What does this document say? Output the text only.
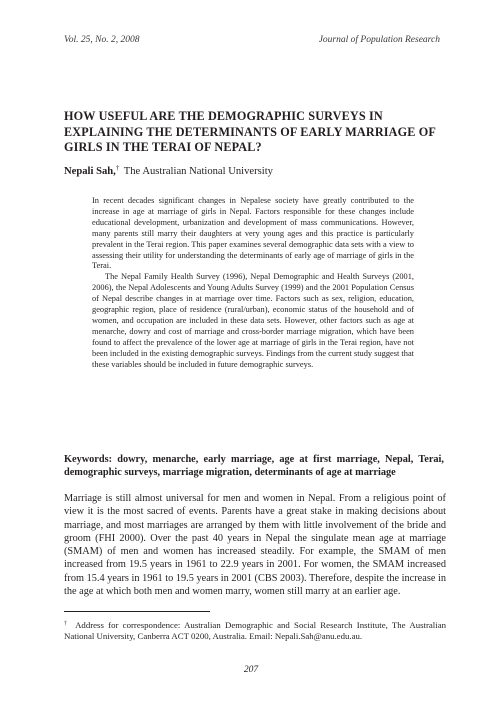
Vol. 25, No. 2, 2008	Journal of Population Research
HOW USEFUL ARE THE DEMOGRAPHIC SURVEYS IN EXPLAINING THE DETERMINANTS OF EARLY MARRIAGE OF GIRLS IN THE TERAI OF NEPAL?
Nepali Sah,† The Australian National University

In recent decades significant changes in Nepalese society have greatly contributed to the increase in age at marriage of girls in Nepal. Factors responsible for these changes include educational development, urbanization and development of mass communications. However, many parents still marry their daughters at very young ages and this practice is particularly prevalent in the Terai region. This paper examines several demographic data sets with a view to assessing their utility for understanding the determinants of early age of marriage of girls in the Terai.

The Nepal Family Health Survey (1996), Nepal Demographic and Health Surveys (2001, 2006), the Nepal Adolescents and Young Adults Survey (1999) and the 2001 Population Census of Nepal describe changes in at marriage over time. Factors such as sex, religion, education, geographic region, place of residence (rural/urban), economic status of the household and of women, and occupation are included in these data sets. However, other factors such as age at menarche, dowry and cost of marriage and cross-border marriage migration, which have been found to affect the prevalence of the lower age at marriage of girls in the Terai region, have not been included in the existing demographic surveys. Findings from the current study suggest that these variables should be included in future demographic surveys.

Keywords: dowry, menarche, early marriage, age at first marriage, Nepal, Terai, demographic surveys, marriage migration, determinants of age at marriage
Marriage is still almost universal for men and women in Nepal. From a religious point of view it is the most sacred of events. Parents have a great stake in making decisions about marriage, and most marriages are arranged by them with little involvement of the bride and groom (FHI 2000). Over the past 40 years in Nepal the singulate mean age at marriage (SMAM) of men and women has increased steadily. For example, the SMAM of men increased from 19.5 years in 1961 to 22.9 years in 2001. For women, the SMAM increased from 15.4 years in 1961 to 19.5 years in 2001 (CBS 2003). Therefore, despite the increase in the age at which both men and women marry, women still marry at an earlier age.
† Address for correspondence: Australian Demographic and Social Research Institute, The Australian National University, Canberra ACT 0200, Australia. Email: Nepali.Sah@anu.edu.au.
207
